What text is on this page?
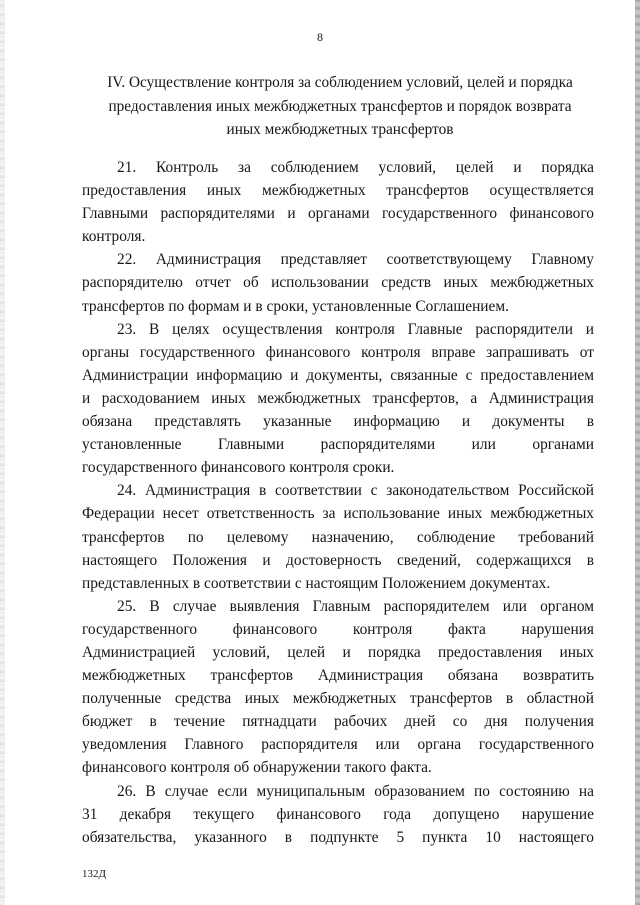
8
IV. Осуществление контроля за соблюдением условий, целей и порядка
предоставления иных межбюджетных трансфертов и порядок возврата
иных межбюджетных трансфертов
21. Контроль за соблюдением условий, целей и порядка
предоставления иных межбюджетных трансфертов осуществляется
Главными распорядителями и органами государственного финансового
контроля.
22. Администрация представляет соответствующему Главному
распорядителю отчет об использовании средств иных межбюджетных
трансфертов по формам и в сроки, установленные Соглашением.
23. В целях осуществления контроля Главные распорядители и
органы государственного финансового контроля вправе запрашивать от
Администрации информацию и документы, связанные с предоставлением
и расходованием иных межбюджетных трансфертов, а Администрация
обязана представлять указанные информацию и документы в
установленные Главными распорядителями или органами
государственного финансового контроля сроки.
24. Администрация в соответствии с законодательством Российской
Федерации несет ответственность за использование иных межбюджетных
трансфертов по целевому назначению, соблюдение требований
настоящего Положения и достоверность сведений, содержащихся в
представленных в соответствии с настоящим Положением документах.
25. В случае выявления Главным распорядителем или органом
государственного финансового контроля факта нарушения
Администрацией условий, целей и порядка предоставления иных
межбюджетных трансфертов Администрация обязана возвратить
полученные средства иных межбюджетных трансфертов в областной
бюджет в течение пятнадцати рабочих дней со дня получения
уведомления Главного распорядителя или органа государственного
финансового контроля об обнаружении такого факта.
26. В случае если муниципальным образованием по состоянию на
31 декабря текущего финансового года допущено нарушение
обязательства, указанного в подпункте 5 пункта 10 настоящего
132Д
